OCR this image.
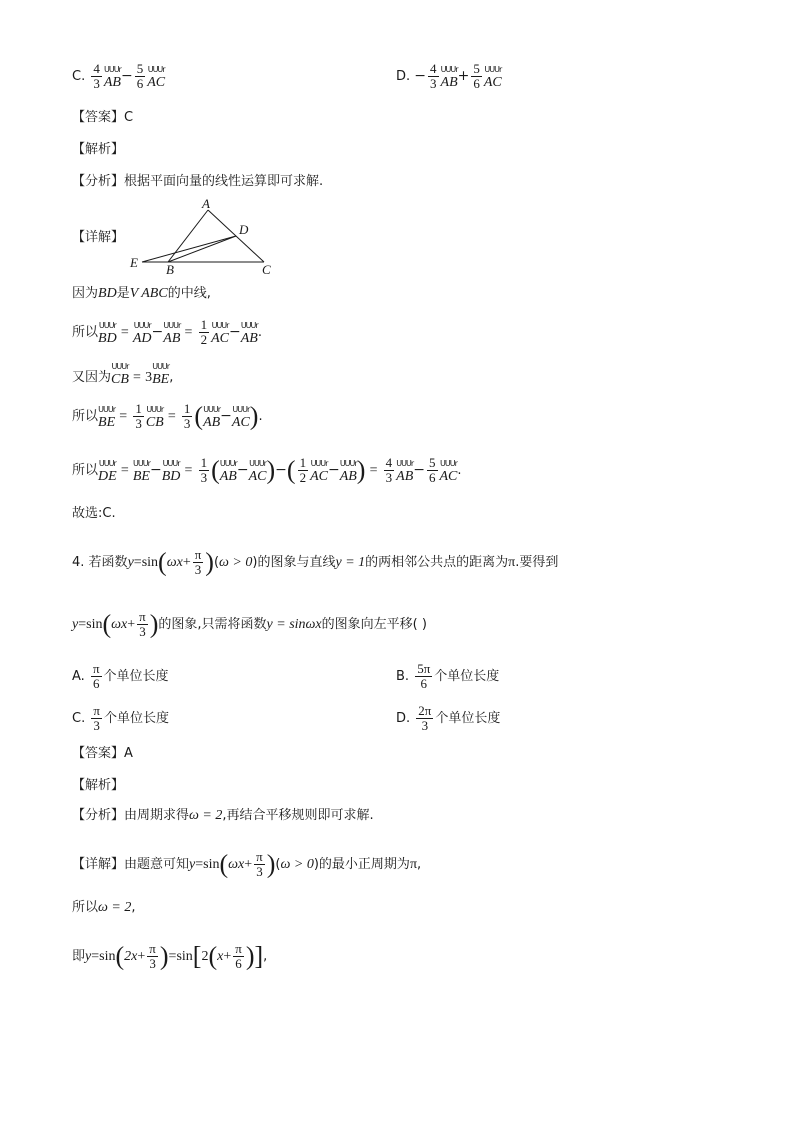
C. $\frac{4}{3}$ UUUr
AB − $\frac{5}{6}$ UUUr
AC	D. − $\frac{4}{3}$ UUUr
AB + $\frac{5}{6}$ UUUr
AC
【答案】C
【解析】
【分析】根据平面向量的线性运算即可求解.
【详解】
A
D
E B	C
因为BD是V ABC的中线,
所以 UUUr
BD = UUUr
AD − UUUr
AB = $\frac{1}{2}$ UUUr
AC − UUUr
AB .
又因为
UUUr
CB = 3
UUUr
BE ,
所以 UUUr
BE = $\frac{1}{3}$ UUUr
CB = $\frac{1}{3}$ ( UUUr
AB − UUUr
AC ).
所以 UUUr
DE = UUUr
BE − UUUr
BD = $\frac{1}{3}$ ( UUUr
AB − UUUr
AC )−( $\frac{1}{2}$ UUUr
AC − UUUr
AB ) = $\frac{4}{3}$ UUUr
AB − $\frac{5}{6}$ UUUr
AC .
故选:C.
4. 若函数$y=\sin(\omega x+ \frac{\pi}{3} )(\omega > 0)$的图象与直线y = 1的两相邻公共点的距离为π.要得到
$y=\sin(\omega x+ \frac{\pi}{3}$ )的图象,只需将函数y = sinωx的图象向左平移( )
A. $\frac{\pi}{6}$ 个单位长度	B. $\frac{5\pi}{6}$ 个单位长度
C. $\frac{\pi}{3}$ 个单位长度	D. $\frac{2\pi}{3}$ 个单位长度
【答案】A
【解析】
【分析】由周期求得ω = 2,再结合平移规则即可求解.
【详解】由题意可知$y=\sin(\omega x+ \frac{\pi}{3} )(\omega > 0)$的最小正周期为π,
所以ω = 2,
即$y=\sin(2x+ \frac{\pi}{3} )=\sin[2(x+ \frac{\pi}{6}$ )],
